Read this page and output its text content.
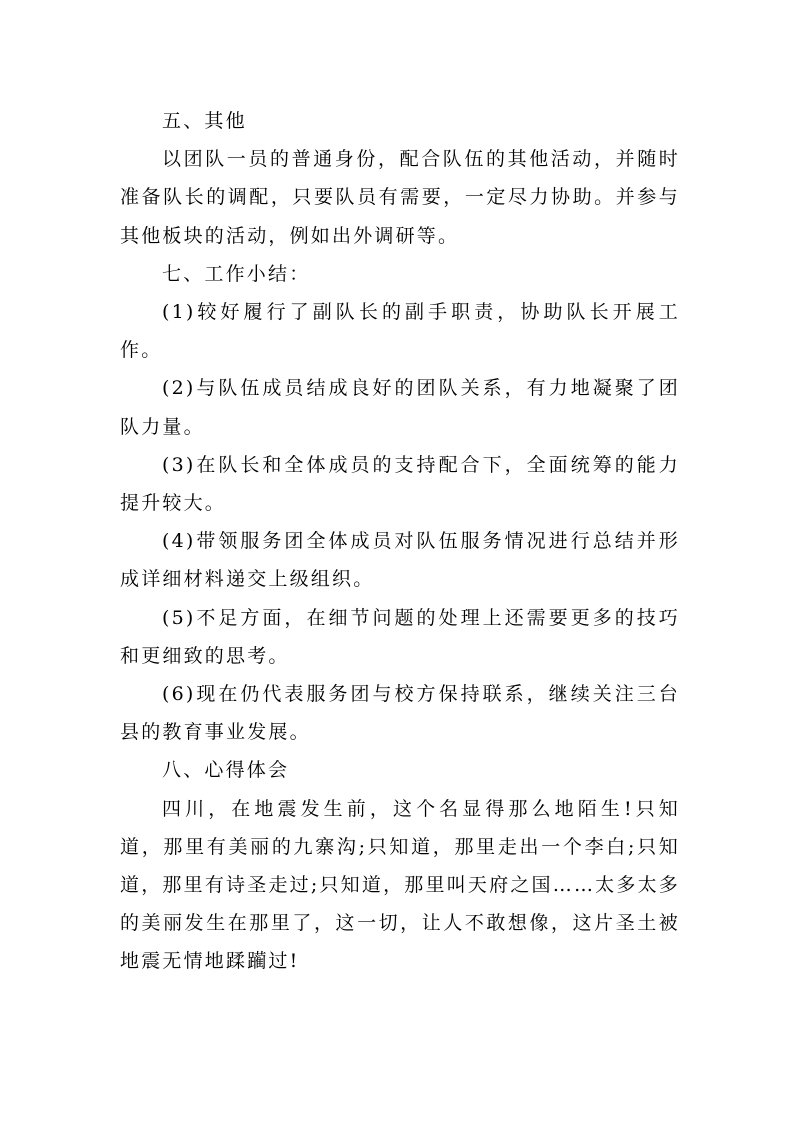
五、其他

以团队一员的普通身份，配合队伍的其他活动，并随时准备队长的调配，只要队员有需要，一定尽力协助。并参与其他板块的活动，例如出外调研等。

七、工作小结：

(1)较好履行了副队长的副手职责，协助队长开展工作。

(2)与队伍成员结成良好的团队关系，有力地凝聚了团队力量。

(3)在队长和全体成员的支持配合下，全面统筹的能力提升较大。

(4)带领服务团全体成员对队伍服务情况进行总结并形成详细材料递交上级组织。

(5)不足方面，在细节问题的处理上还需要更多的技巧和更细致的思考。

(6)现在仍代表服务团与校方保持联系，继续关注三台县的教育事业发展。

八、心得体会

四川，在地震发生前，这个名显得那么地陌生!只知道，那里有美丽的九寨沟;只知道，那里走出一个李白;只知道，那里有诗圣走过;只知道，那里叫天府之国……太多太多的美丽发生在那里了，这一切，让人不敢想像，这片圣土被地震无情地蹂躏过!
